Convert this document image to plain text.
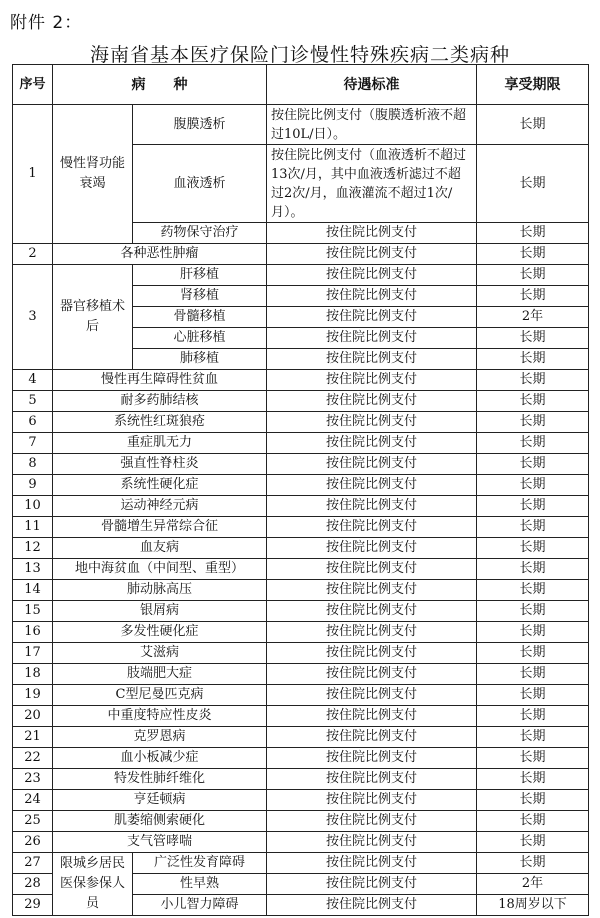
附件 2：
海南省基本医疗保险门诊慢性特殊疾病二类病种
序号	病　　种		待遇标准	享受期限
1	慢性肾功能衰竭	腹膜透析	按住院比例支付（腹膜透析液不超过10L/日）。	长期
		血液透析	按住院比例支付（血液透析不超过13次/月，其中血液透析滤过不超过2次/月，血液灌流不超过1次/月）。	长期
		药物保守治疗	按住院比例支付	长期
2	各种恶性肿瘤		按住院比例支付	长期
3	器官移植术后	肝移植	按住院比例支付	长期
		肾移植	按住院比例支付	长期
		骨髓移植	按住院比例支付	2年
		心脏移植	按住院比例支付	长期
		肺移植	按住院比例支付	长期
4	慢性再生障碍性贫血		按住院比例支付	长期
5	耐多药肺结核		按住院比例支付	长期
6	系统性红斑狼疮		按住院比例支付	长期
7	重症肌无力		按住院比例支付	长期
8	强直性脊柱炎		按住院比例支付	长期
9	系统性硬化症		按住院比例支付	长期
10	运动神经元病		按住院比例支付	长期
11	骨髓增生异常综合征		按住院比例支付	长期
12	血友病		按住院比例支付	长期
13	地中海贫血（中间型、重型）		按住院比例支付	长期
14	肺动脉高压		按住院比例支付	长期
15	银屑病		按住院比例支付	长期
16	多发性硬化症		按住院比例支付	长期
17	艾滋病		按住院比例支付	长期
18	肢端肥大症		按住院比例支付	长期
19	C型尼曼匹克病		按住院比例支付	长期
20	中重度特应性皮炎		按住院比例支付	长期
21	克罗恩病		按住院比例支付	长期
22	血小板减少症		按住院比例支付	长期
23	特发性肺纤维化		按住院比例支付	长期
24	亨廷顿病		按住院比例支付	长期
25	肌萎缩侧索硬化		按住院比例支付	长期
26	支气管哮喘		按住院比例支付	长期
27	限城乡居民医保参保人员	广泛性发育障碍	按住院比例支付	长期
28		性早熟	按住院比例支付	2年
29		小儿智力障碍	按住院比例支付	18周岁以下
